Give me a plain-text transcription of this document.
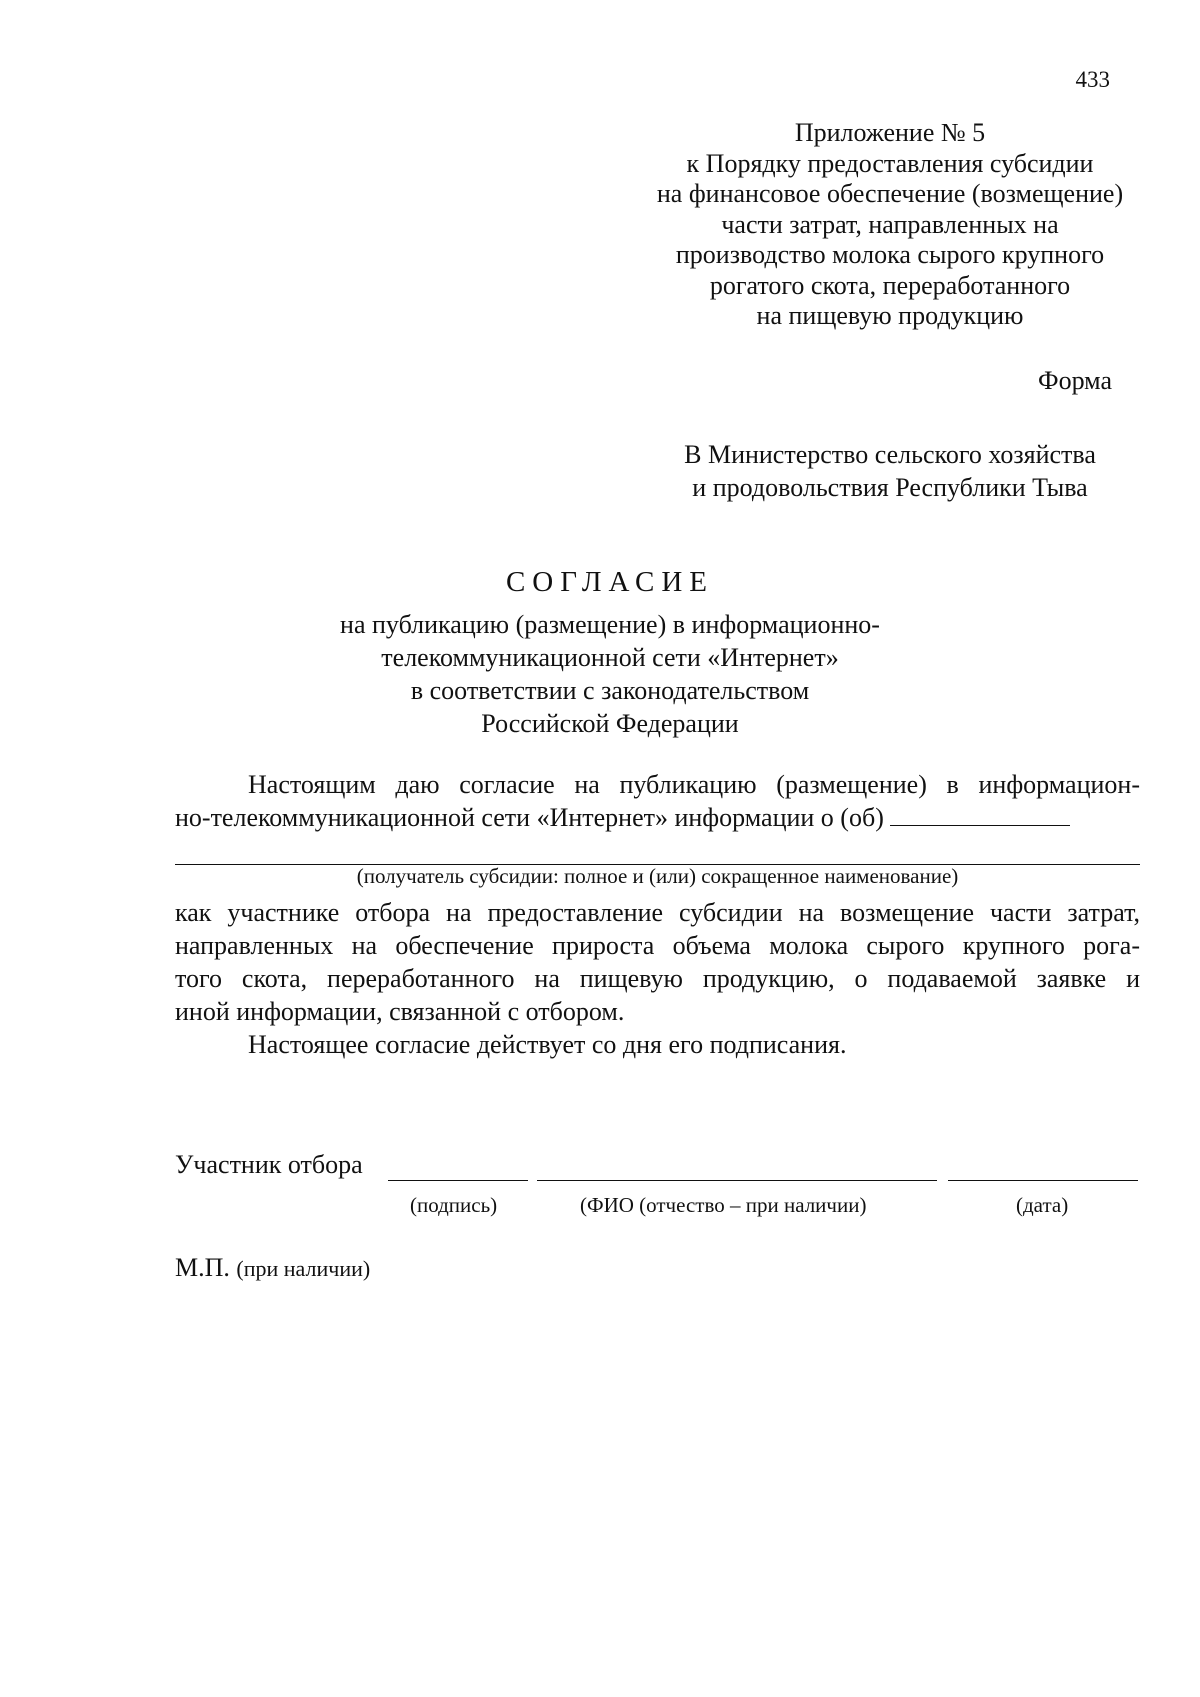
433
Приложение № 5
к Порядку предоставления субсидии
на финансовое обеспечение (возмещение)
части затрат, направленных на
производство молока сырого крупного
рогатого скота, переработанного
на пищевую продукцию
Форма
В Министерство сельского хозяйства
и продовольствия Республики Тыва
СОГЛАСИЕ
на публикацию (размещение) в информационно-
телекоммуникационной сети «Интернет»
в соответствии с законодательством
Российской Федерации
Настоящим даю согласие на публикацию (размещение) в информацион-
но-телекоммуникационной сети «Интернет» информации о (об)
(получатель субсидии: полное и (или) сокращенное наименование)
как участнике отбора на предоставление субсидии на возмещение части затрат,
направленных на обеспечение прироста объема молока сырого крупного рога-
того скота, переработанного на пищевую продукцию, о подаваемой заявке и
иной информации, связанной с отбором.
Настоящее согласие действует со дня его подписания.
Участник отбора
(подпись)	(ФИО (отчество – при наличии)	(дата)
М.П. (при наличии)
